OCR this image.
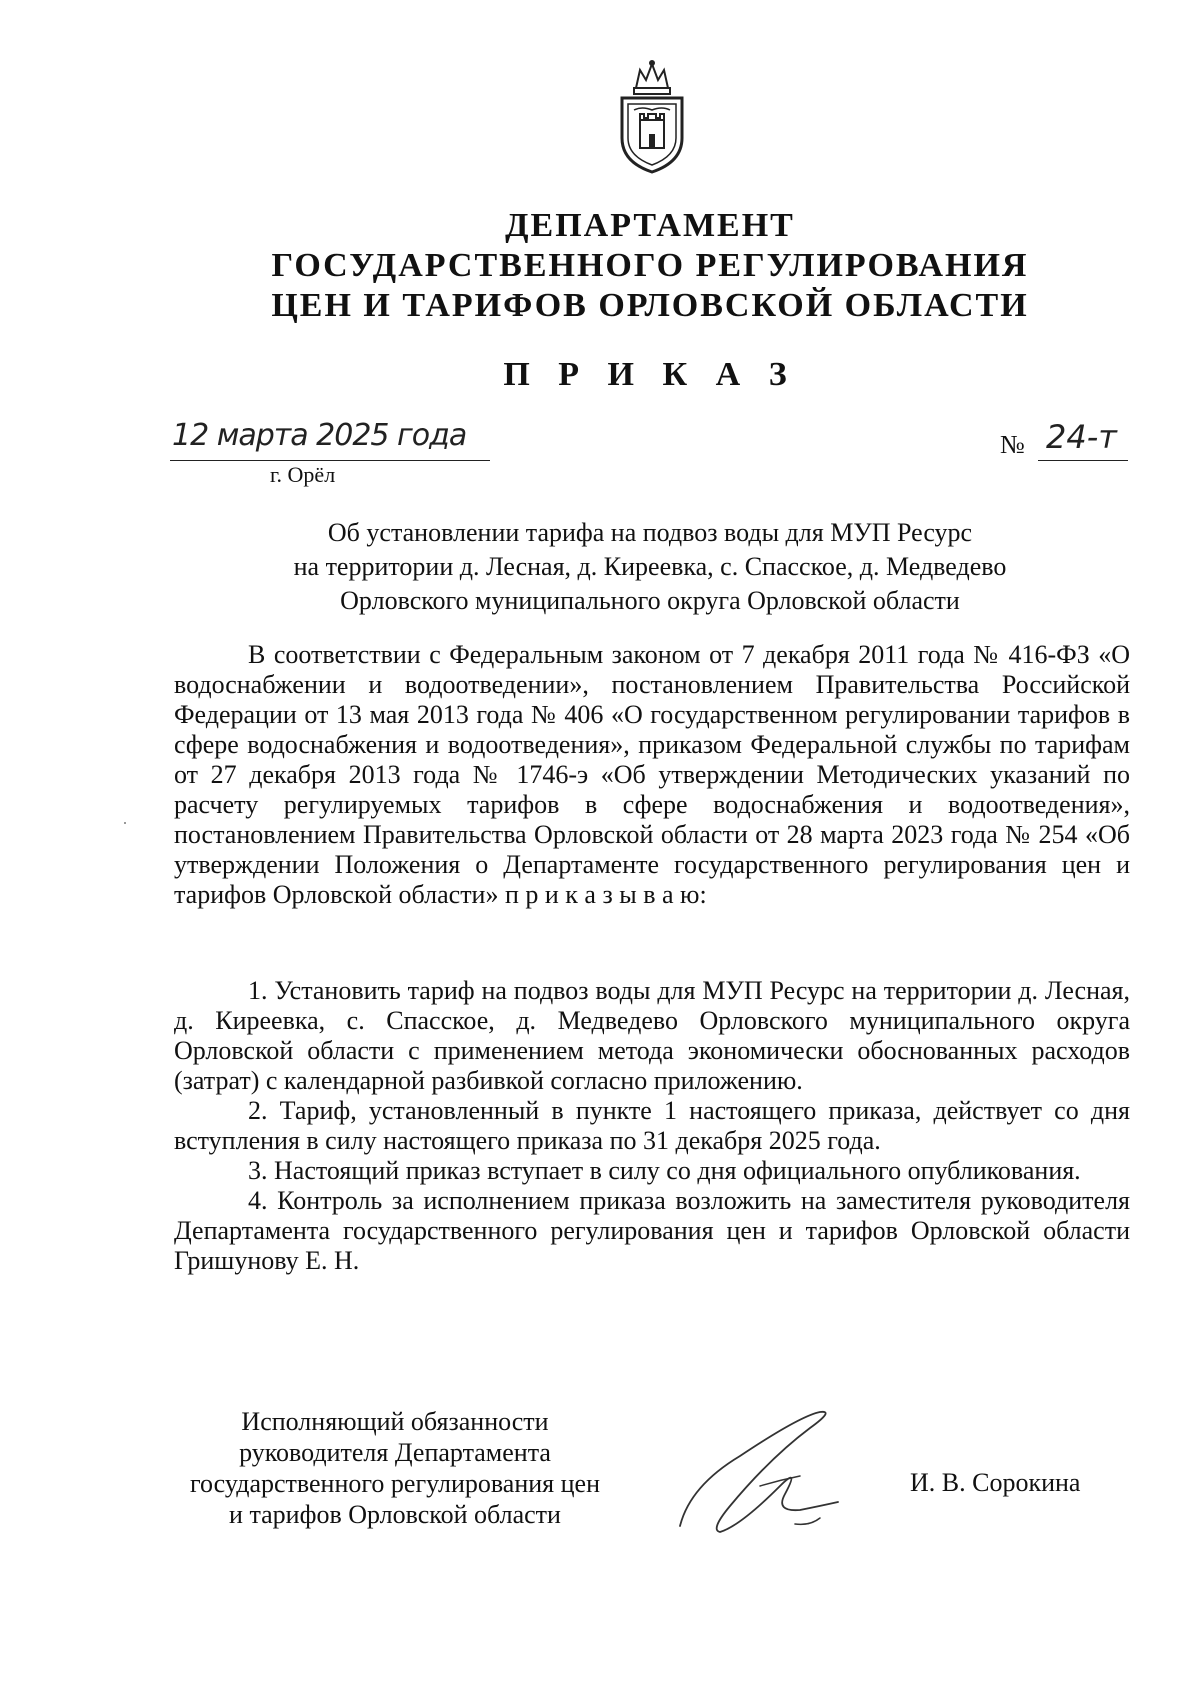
ДЕПАРТАМЕНТ
ГОСУДАРСТВЕННОГО РЕГУЛИРОВАНИЯ
ЦЕН И ТАРИФОВ ОРЛОВСКОЙ ОБЛАСТИ
П Р И К А З
12 марта 2025 года
г. Орёл
№ 24-т
Об установлении тарифа на подвоз воды для МУП Ресурс
на территории д. Лесная, д. Киреевка, с. Спасское, д. Медведево
Орловского муниципального округа Орловской области

В соответствии с Федеральным законом от 7 декабря 2011 года № 416-ФЗ «О водоснабжении и водоотведении», постановлением Правительства Российской Федерации от 13 мая 2013 года № 406 «О государственном регулировании тарифов в сфере водоснабжения и водоотведения», приказом Федеральной службы по тарифам от 27 декабря 2013 года № 1746-э «Об утверждении Методических указаний по расчету регулируемых тарифов в сфере водоснабжения и водоотведения», постановлением Правительства Орловской области от 28 марта 2023 года № 254 «Об утверждении Положения о Департаменте государственного регулирования цен и тарифов Орловской области» п р и к а з ы в а ю:

1. Установить тариф на подвоз воды для МУП Ресурс на территории д. Лесная, д. Киреевка, с. Спасское, д. Медведево Орловского муниципального округа Орловской области с применением метода экономически обоснованных расходов (затрат) с календарной разбивкой согласно приложению.

2. Тариф, установленный в пункте 1 настоящего приказа, действует со дня вступления в силу настоящего приказа по 31 декабря 2025 года.

3. Настоящий приказ вступает в силу со дня официального опубликования.

4. Контроль за исполнением приказа возложить на заместителя руководителя Департамента государственного регулирования цен и тарифов Орловской области Гришунову Е. Н.

Исполняющий обязанности
руководителя Департамента
государственного регулирования цен
и тарифов Орловской области
И. В. Сорокина
